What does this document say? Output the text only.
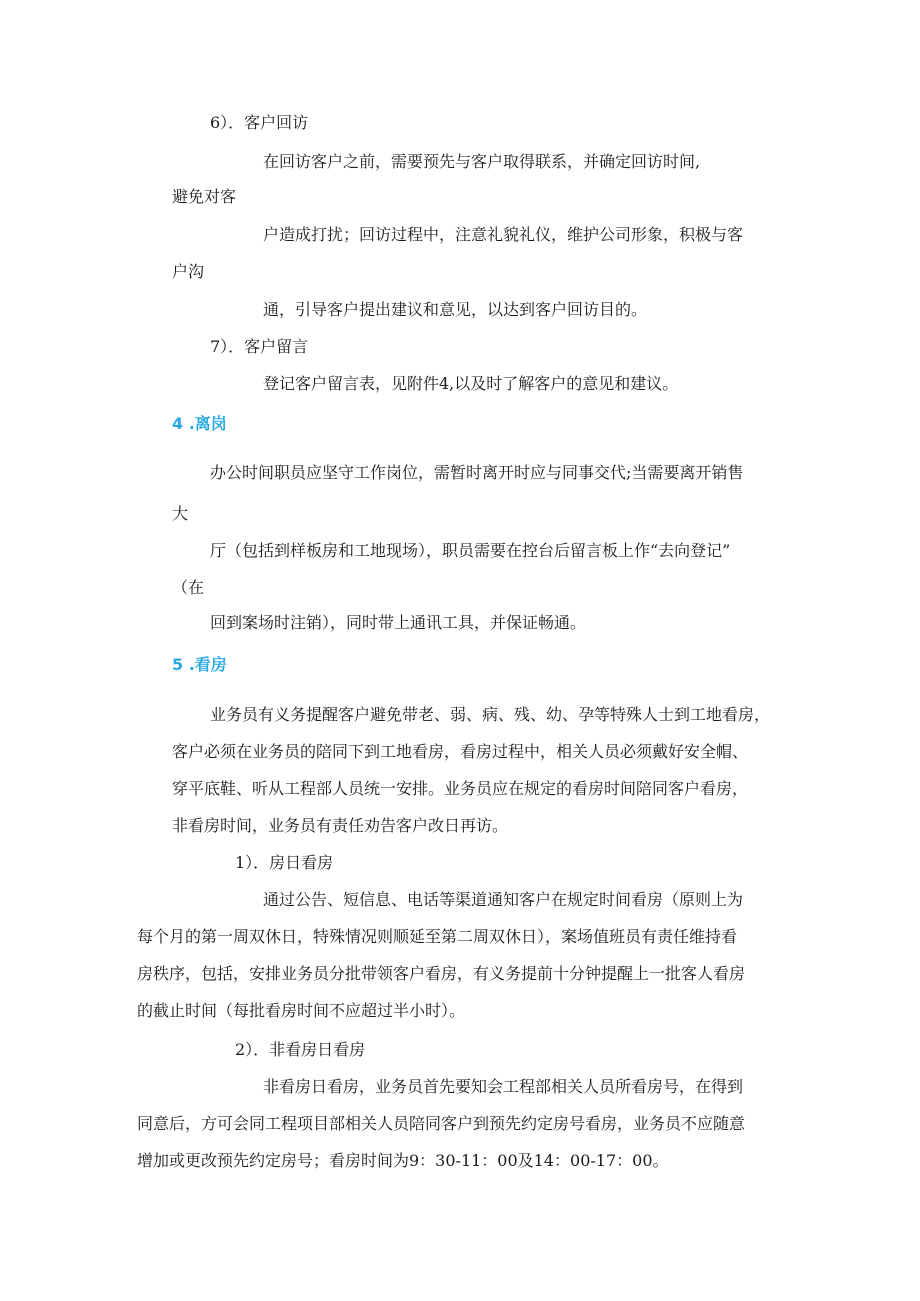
6）．客户回访
在回访客户之前，需要预先与客户取得联系，并确定回访时间,
避免对客
户造成打扰；回访过程中，注意礼貌礼仪，维护公司形象，积极与客
户沟
通，引导客户提出建议和意见，以达到客户回访目的。
7）．客户留言
登记客户留言表，见附件4,以及时了解客户的意见和建议。
4 .离岗
办公时间职员应坚守工作岗位，需暂时离开时应与同事交代;当需要离开销售
大
厅（包括到样板房和工地现场），职员需要在控台后留言板上作“去向登记”
（在
回到案场时注销），同时带上通讯工具，并保证畅通。
5 .看房
业务员有义务提醒客户避免带老、弱、病、残、幼、孕等特殊人士到工地看房，
客户必须在业务员的陪同下到工地看房，看房过程中，相关人员必须戴好安全帽、
穿平底鞋、听从工程部人员统一安排。业务员应在规定的看房时间陪同客户看房，
非看房时间，业务员有责任劝告客户改日再访。
1）．房日看房
通过公告、短信息、电话等渠道通知客户在规定时间看房（原则上为
每个月的第一周双休日，特殊情况则顺延至第二周双休日），案场值班员有责任维持看
房秩序，包括，安排业务员分批带领客户看房，有义务提前十分钟提醒上一批客人看房
的截止时间（每批看房时间不应超过半小时）。
2）．非看房日看房
非看房日看房，业务员首先要知会工程部相关人员所看房号，在得到
同意后，方可会同工程项目部相关人员陪同客户到预先约定房号看房，业务员不应随意
增加或更改预先约定房号；看房时间为9：30-11：00及14：00-17：00。
